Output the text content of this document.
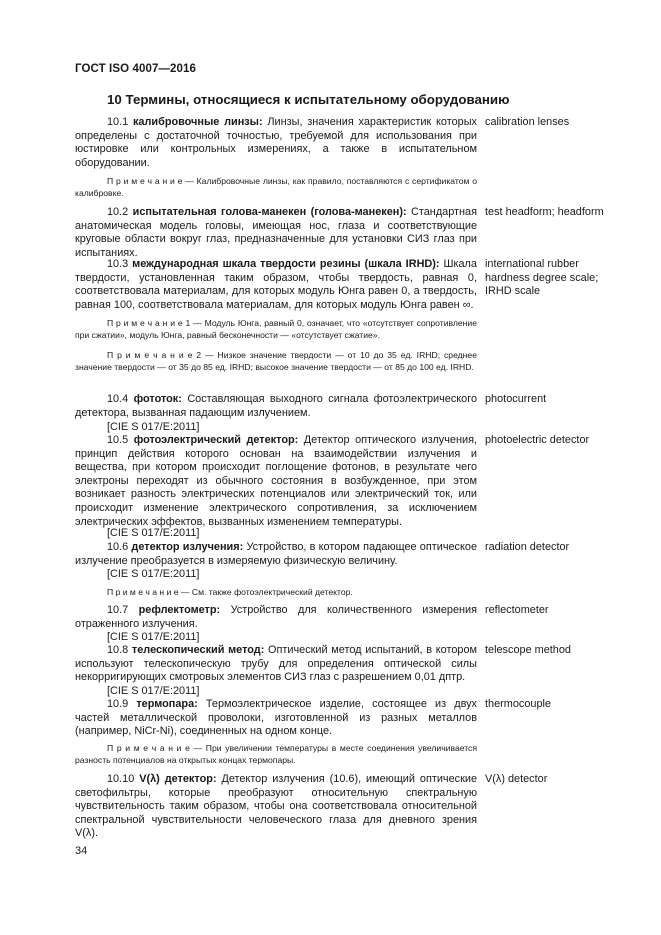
ГОСТ ISO 4007—2016
10 Термины, относящиеся к испытательному оборудованию

10.1 калибровочные линзы: Линзы, значения характеристик которых определены с достаточной точностью, требуемой для использования при юстировке или контрольных измерениях, а также в испытательном оборудовании.

calibration lenses

П р и м е ч а н и е — Калибровочные линзы, как правило, поставляются с сертификатом о калибровке.

10.2 испытательная голова-манекен (голова-манекен): Стандартная анатомическая модель головы, имеющая нос, глаза и соответствующие круговые области вокруг глаз, предназначенные для установки СИЗ глаз при испытаниях.

test headform; headform

10.3 международная шкала твердости резины (шкала IRHD): Шкала твердости, установленная таким образом, чтобы твердость, равная 0, соответствовала материалам, для которых модуль Юнга равен 0, а твердость, равная 100, соответствовала материалам, для которых модуль Юнга равен ∞.

international rubber hardness degree scale; IRHD scale

П р и м е ч а н и е 1 — Модуль Юнга, равный 0, означает, что «отсутствует сопротивление при сжатии», модуль Юнга, равный бесконечности — «отсутствует сжатие».

П р и м е ч а н и е 2 — Низкое значение твердости — от 10 до 35 ед. IRHD; среднее значение твердости — от 35 до 85 ед. IRHD; высокое значение твердости — от 85 до 100 ед. IRHD.

10.4 фототок: Составляющая выходного сигнала фотоэлектрического детектора, вызванная падающим излучением.

photocurrent
[CIE S 017/E:2011]

10.5 фотоэлектрический детектор: Детектор оптического излучения, принцип действия которого основан на взаимодействии излучения и вещества, при котором происходит поглощение фотонов, в результате чего электроны переходят из обычного состояния в возбужденное, при этом возникает разность электрических потенциалов или электрический ток, или происходит изменение электрического сопротивления, за исключением электрических эффектов, вызванных изменением температуры.

photoelectric detector
[CIE S 017/E:2011]

10.6 детектор излучения: Устройство, в котором падающее оптическое излучение преобразуется в измеряемую физическую величину.

radiation detector
[CIE S 017/E:2011]

П р и м е ч а н и е — См. также фотоэлектрический детектор.

10.7 рефлектометр: Устройство для количественного измерения отраженного излучения.

reflectometer
[CIE S 017/E:2011]

10.8 телескопический метод: Оптический метод испытаний, в котором используют телескопическую трубу для определения оптической силы некорригирующих смотровых элементов СИЗ глаз с разрешением 0,01 дптр.

telescope method
[CIE S 017/E:2011]

10.9 термопара: Термоэлектрическое изделие, состоящее из двух частей металлической проволоки, изготовленной из разных металлов (например, NiCr-Ni), соединенных на одном конце.

thermocouple

П р и м е ч а н и е — При увеличении температуры в месте соединения увеличивается разность потенциалов на открытых концах термопары.

10.10 V(λ) детектор: Детектор излучения (10.6), имеющий оптические светофильтры, которые преобразуют относительную спектральную чувствительность таким образом, чтобы она соответствовала относительной спектральной чувствительности человеческого глаза для дневного зрения V(λ).

V(λ) detector
34
